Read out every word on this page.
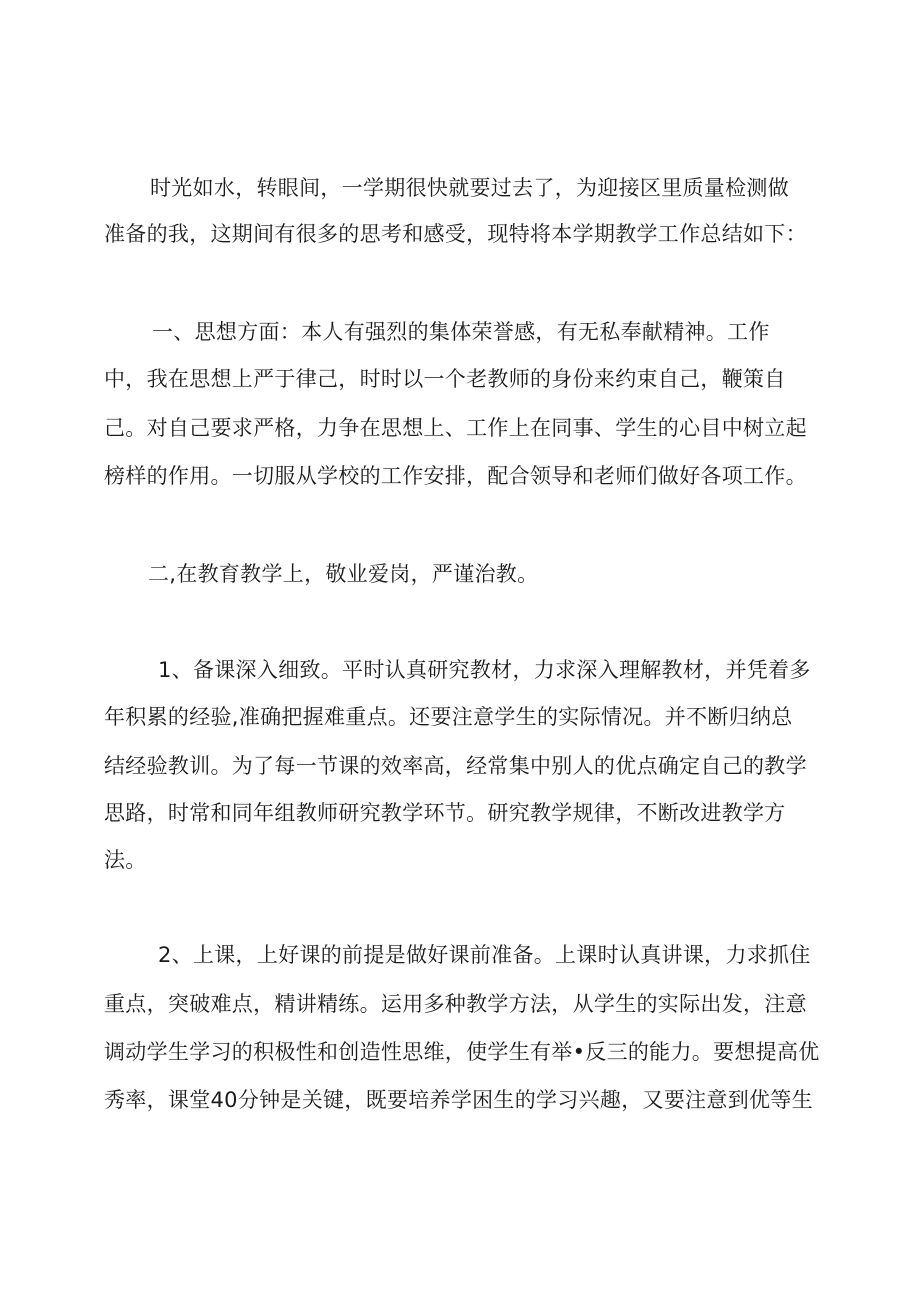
时光如水，转眼间，一学期很快就要过去了，为迎接区里质量检测做
准备的我，这期间有很多的思考和感受，现特将本学期教学工作总结如下：
一、思想方面：本人有强烈的集体荣誉感，有无私奉献精神。工作
中，我在思想上严于律己，时时以一个老教师的身份来约束自己，鞭策自
己。对自己要求严格，力争在思想上、工作上在同事、学生的心目中树立起
榜样的作用。一切服从学校的工作安排，配合领导和老师们做好各项工作。
二,在教育教学上，敬业爱岗，严谨治教。
1、备课深入细致。平时认真研究教材，力求深入理解教材，并凭着多
年积累的经验,准确把握难重点。还要注意学生的实际情况。并不断归纳总
结经验教训。为了每一节课的效率高，经常集中别人的优点确定自己的教学
思路，时常和同年组教师研究教学环节。研究教学规律，不断改进教学方
法。
2、上课，上好课的前提是做好课前准备。上课时认真讲课，力求抓住
重点，突破难点，精讲精练。运用多种教学方法，从学生的实际出发，注意
调动学生学习的积极性和创造性思维，使学生有举•反三的能力。要想提高优
秀率，课堂40分钟是关键，既要培养学困生的学习兴趣，又要注意到优等生
